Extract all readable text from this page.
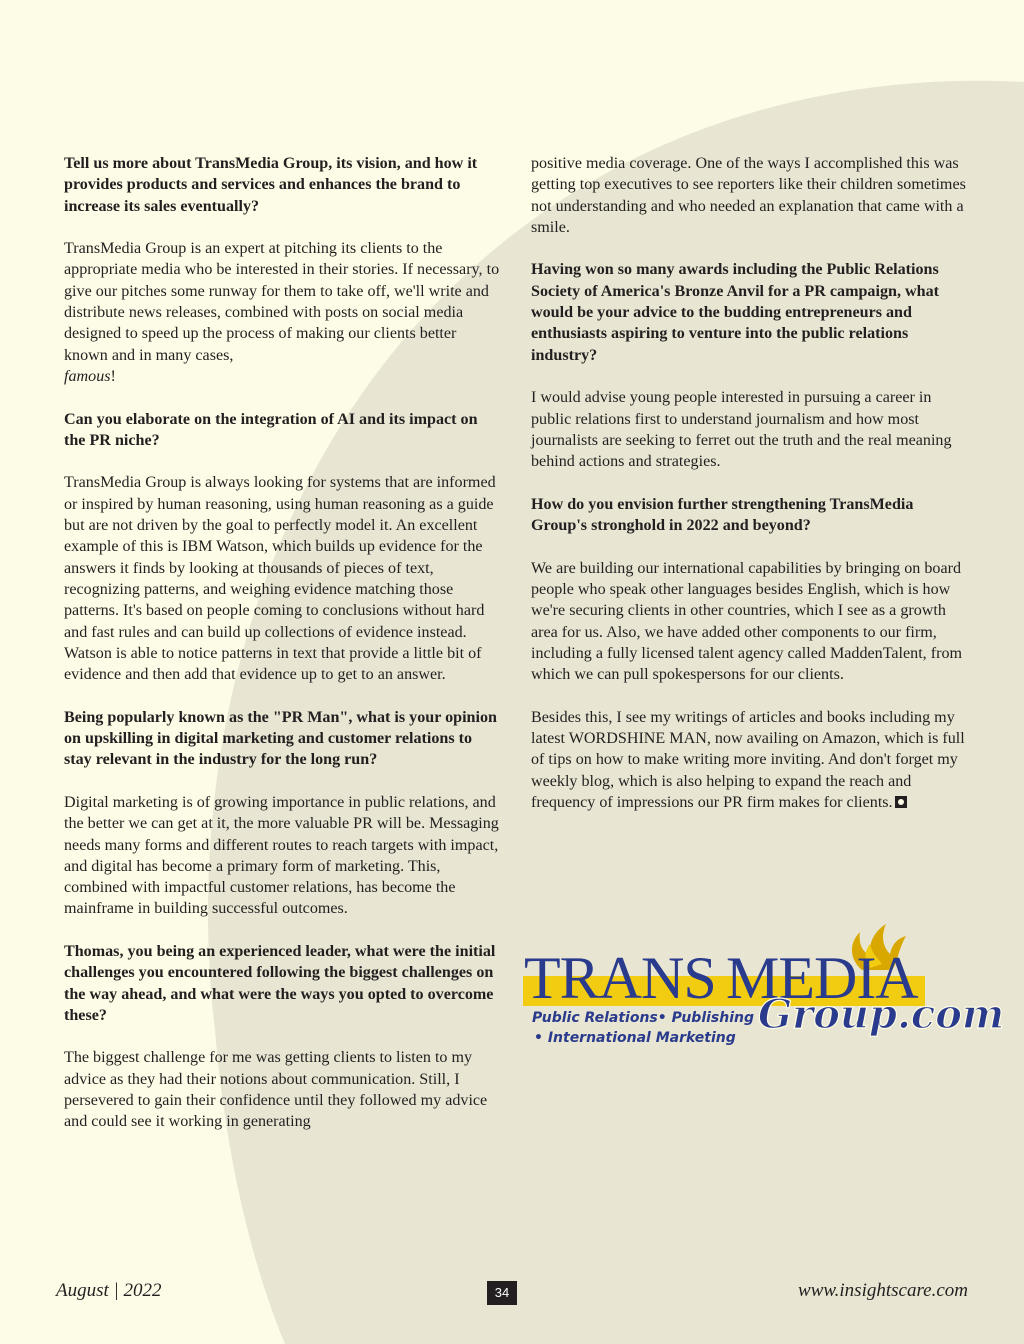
Tell us more about TransMedia Group, its vision, and how it provides products and services and enhances the brand to increase its sales eventually?

TransMedia Group is an expert at pitching its clients to the appropriate media who be interested in their stories. If necessary, to give our pitches some runway for them to take off, we'll write and distribute news releases, combined with posts on social media designed to speed up the process of making our clients better known and in many cases,
famous!

Can you elaborate on the integration of AI and its impact on the PR niche?

TransMedia Group is always looking for systems that are informed or inspired by human reasoning, using human reasoning as a guide but are not driven by the goal to perfectly model it. An excellent example of this is IBM Watson, which builds up evidence for the answers it finds by looking at thousands of pieces of text, recognizing patterns, and weighing evidence matching those patterns. It's based on people coming to conclusions without hard and fast rules and can build up collections of evidence instead. Watson is able to notice patterns in text that provide a little bit of evidence and then add that evidence up to get to an answer.

Being popularly known as the "PR Man", what is your opinion on upskilling in digital marketing and customer relations to stay relevant in the industry for the long run?

Digital marketing is of growing importance in public relations, and the better we can get at it, the more valuable PR will be. Messaging needs many forms and different routes to reach targets with impact, and digital has become a primary form of marketing. This, combined with impactful customer relations, has become the mainframe in building successful outcomes.

Thomas, you being an experienced leader, what were the initial challenges you encountered following the biggest challenges on the way ahead, and what were the ways you opted to overcome these?

The biggest challenge for me was getting clients to listen to my advice as they had their notions about communication. Still, I persevered to gain their confidence until they followed my advice and could see it working in generating

positive media coverage. One of the ways I accomplished this was getting top executives to see reporters like their children sometimes not understanding and who needed an explanation that came with a smile.

Having won so many awards including the Public Relations Society of America's Bronze Anvil for a PR campaign, what would be your advice to the budding entrepreneurs and enthusiasts aspiring to venture into the public relations industry?

I would advise young people interested in pursuing a career in public relations first to understand journalism and how most journalists are seeking to ferret out the truth and the real meaning behind actions and strategies.

How do you envision further strengthening TransMedia Group's stronghold in 2022 and beyond?

We are building our international capabilities by bringing on board people who speak other languages besides English, which is how we're securing clients in other countries, which I see as a growth area for us. Also, we have added other components to our firm, including a fully licensed talent agency called MaddenTalent, from which we can pull spokespersons for our clients.

Besides this, I see my writings of articles and books including my latest WORDSHINE MAN, now availing on Amazon, which is full of tips on how to make writing more inviting. And don't forget my weekly blog, which is also helping to expand the reach and frequency of impressions our PR firm makes for clients.

TRANS MEDIA
Group.com
Public Relations• Publishing
• International Marketing
August | 2022	34	www.insightscare.com
